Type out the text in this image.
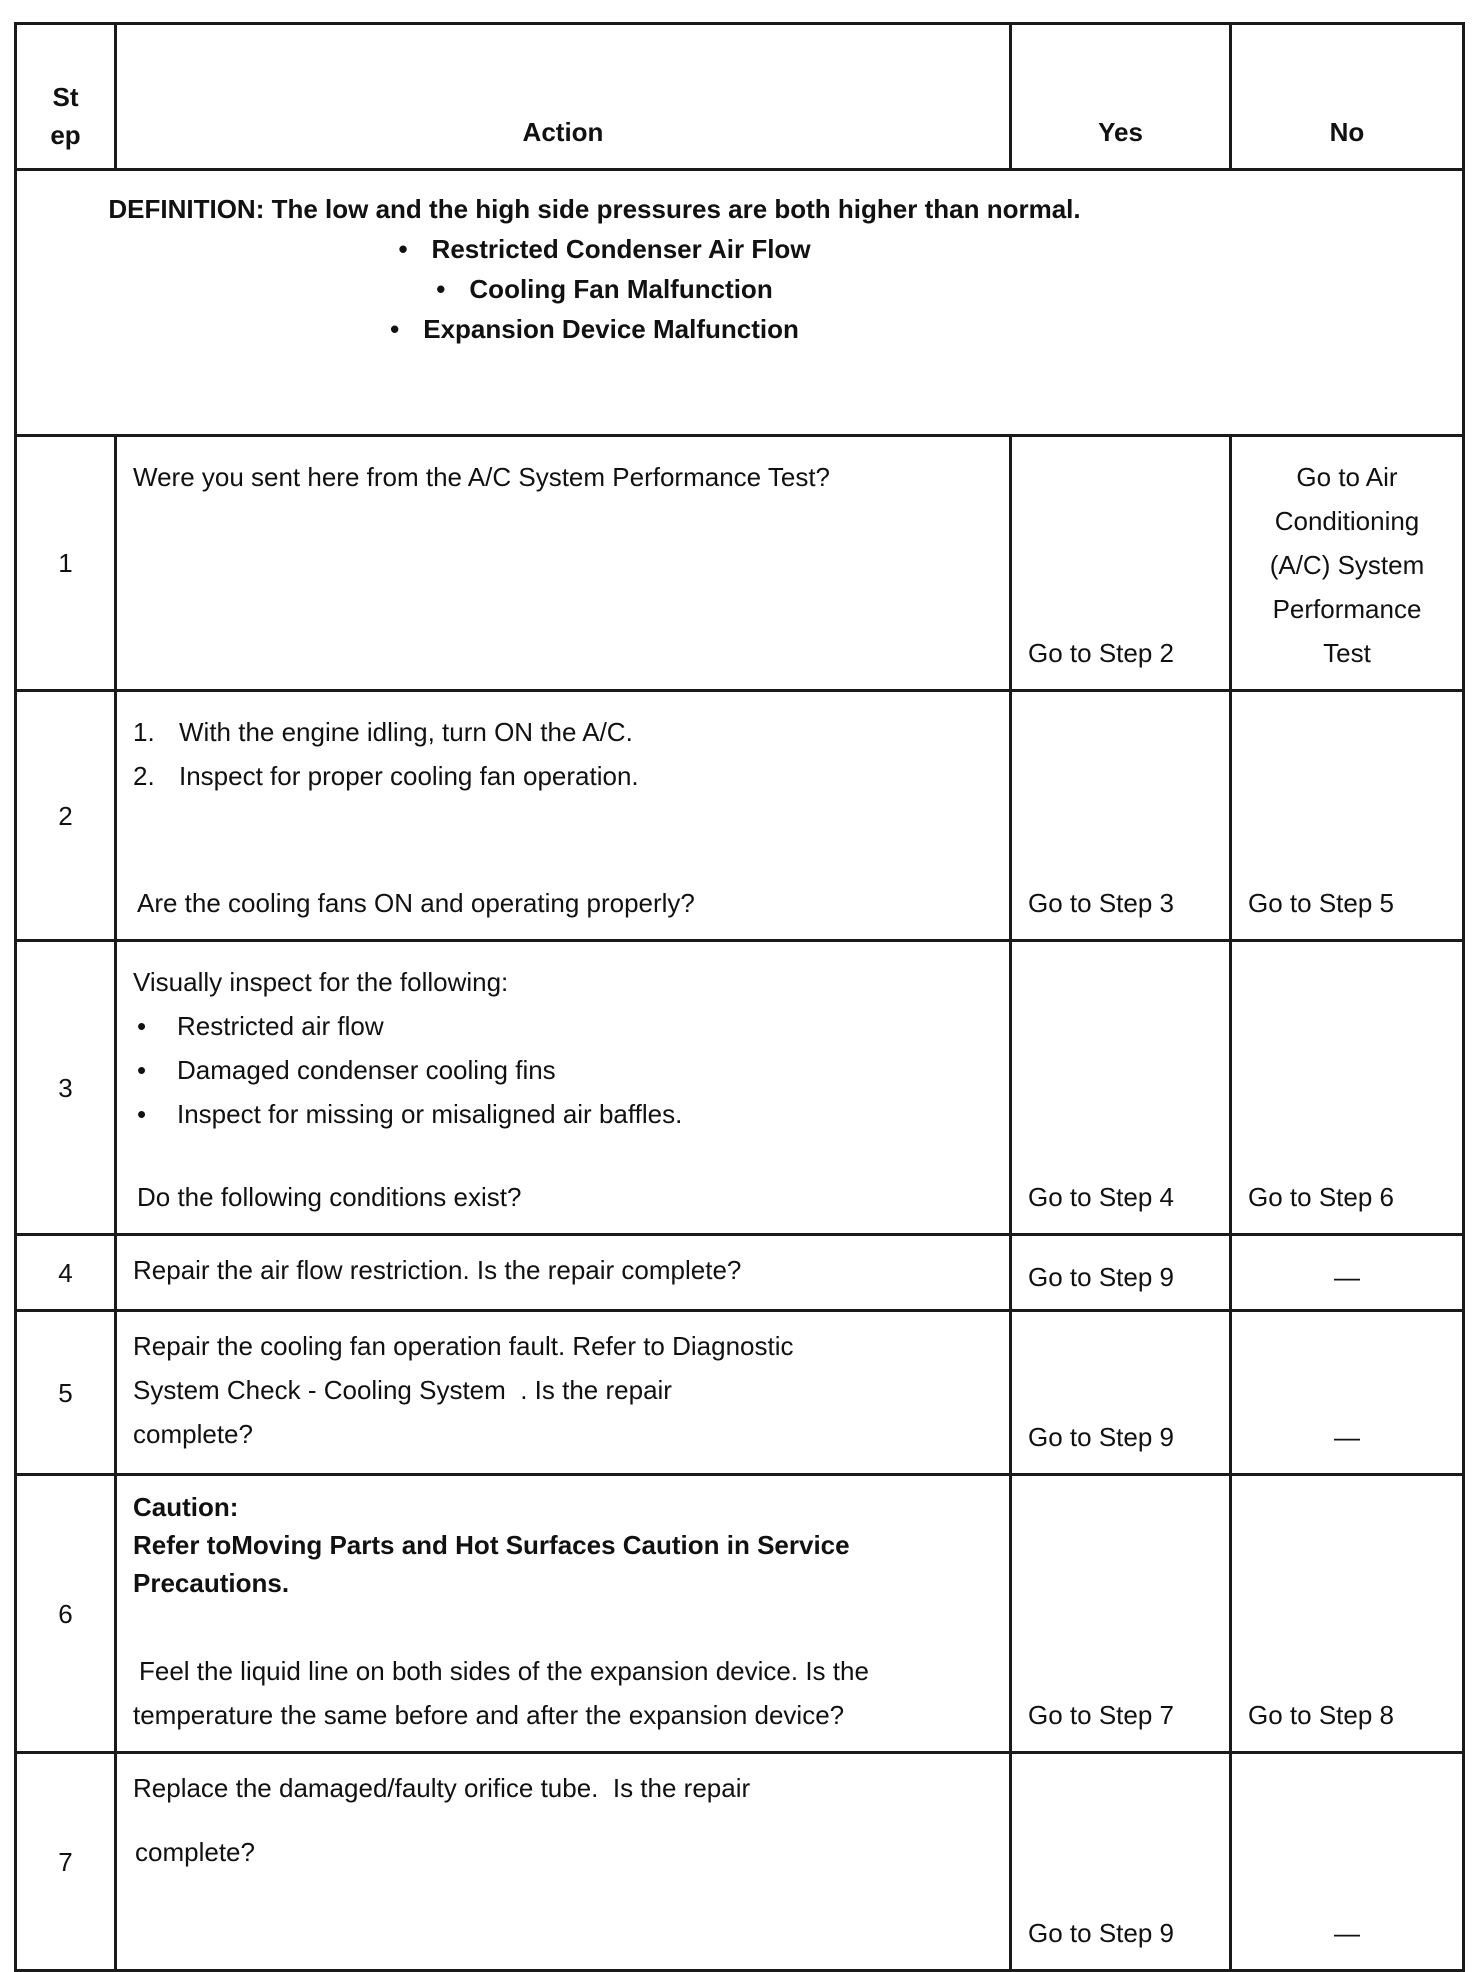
St
ep	Action	Yes	No

DEFINITION: The low and the high side pressures are both higher than normal.
• Restricted Condenser Air Flow
• Cooling Fan Malfunction
• Expansion Device Malfunction			

1	Were you sent here from the A/C System Performance Test?	Go to Step 2	Go to Air
Conditioning
(A/C) System
Performance
Test

2	1. With the engine idling, turn ON the A/C.
2. Inspect for proper cooling fan operation.
Are the cooling fans ON and operating properly?	Go to Step 3	Go to Step 5
3	Visually inspect for the following:
• Restricted air flow
• Damaged condenser cooling fins
• Inspect for missing or misaligned air baffles.
Do the following conditions exist?	Go to Step 4	Go to Step 6
4	Repair the air flow restriction. Is the repair complete?	Go to Step 9	—
5	Repair the cooling fan operation fault. Refer to Diagnostic
System Check - Cooling System  . Is the repair
complete?	Go to Step 9	—
6	Caution:
Refer toMoving Parts and Hot Surfaces Caution in Service
Precautions.
Feel the liquid line on both sides of the expansion device. Is the
temperature the same before and after the expansion device?	Go to Step 7	Go to Step 8
7	Replace the damaged/faulty orifice tube.  Is the repair
complete?	Go to Step 9	—
